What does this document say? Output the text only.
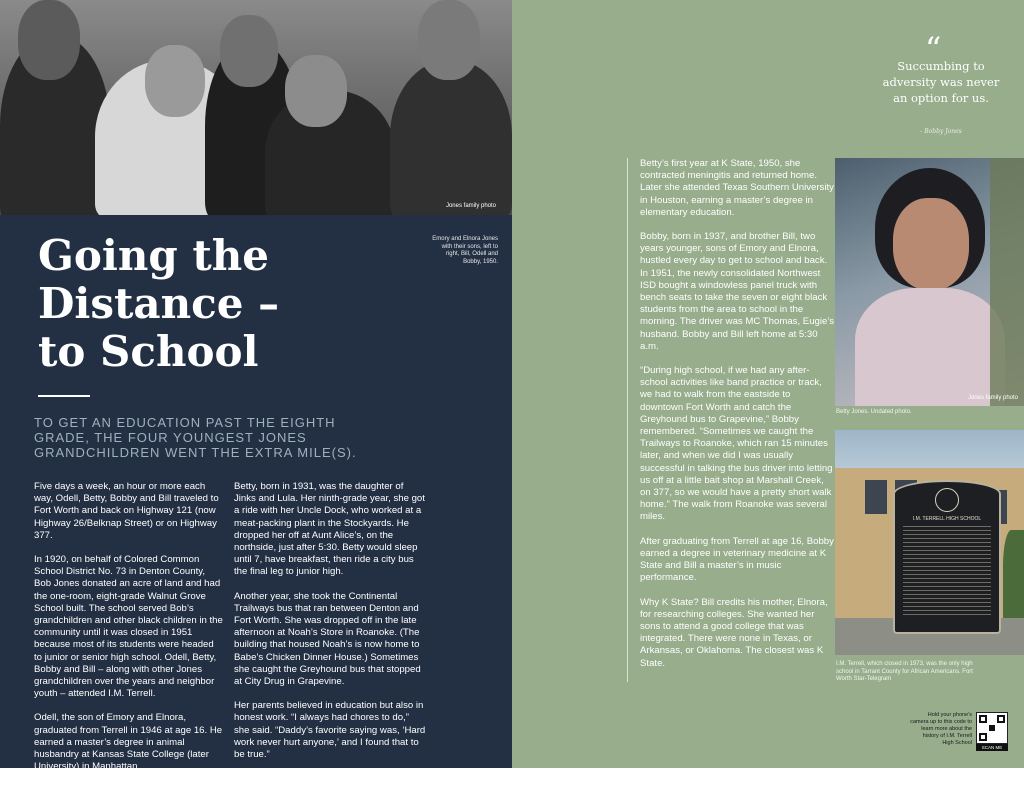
Jones family photo
Emory and Elnora Jones with their sons, left to right, Bill, Odell and Bobby, 1950.
Going the
Distance –
to School
TO GET AN EDUCATION PAST THE EIGHTH GRADE, THE FOUR YOUNGEST JONES GRANDCHILDREN WENT THE EXTRA MILE(S).

Five days a week, an hour or more each way, Odell, Betty, Bobby and Bill traveled to Fort Worth and back on Highway 121 (now Highway 26/Belknap Street) or on Highway 377.

In 1920, on behalf of Colored Common School District No. 73 in Denton County, Bob Jones donated an acre of land and had the one-room, eight-grade Walnut Grove School built. The school served Bob’s grandchildren and other black children in the community until it was closed in 1951 because most of its students were headed to junior or senior high school. Odell, Betty, Bobby and Bill – along with other Jones grandchildren over the years and neighbor youth – attended I.M. Terrell.

Odell, the son of Emory and Elnora, graduated from Terrell in 1946 at age 16. He earned a master’s degree in animal husbandry at Kansas State College (later University) in Manhattan.

Betty, born in 1931, was the daughter of Jinks and Lula. Her ninth-grade year, she got a ride with her Uncle Dock, who worked at a meat-packing plant in the Stockyards. He dropped her off at Aunt Alice’s, on the northside, just after 5:30. Betty would sleep until 7, have breakfast, then ride a city bus the final leg to junior high.

Another year, she took the Continental Trailways bus that ran between Denton and Fort Worth. She was dropped off in the late afternoon at Noah’s Store in Roanoke. (The building that housed Noah’s is now home to Babe’s Chicken Dinner House.) Sometimes she caught the Greyhound bus that stopped at City Drug in Grapevine.

Her parents believed in education but also in honest work. “I always had chores to do,” she said. “Daddy’s favorite saying was, ‘Hard work never hurt anyone,’ and I found that to be true.”

“
Succumbing to adversity was never an option for us.
- Bobby Jones

Betty’s first year at K State, 1950, she contracted meningitis and returned home. Later she attended Texas Southern University in Houston, earning a master’s degree in elementary education.

Bobby, born in 1937, and brother Bill, two years younger, sons of Emory and Elnora, hustled every day to get to school and back. In 1951, the newly consolidated Northwest ISD bought a windowless panel truck with bench seats to take the seven or eight black students from the area to school in the morning. The driver was MC Thomas, Eugie’s husband. Bobby and Bill left home at 5:30 a.m.

“During high school, if we had any after-school activities like band practice or track, we had to walk from the eastside to downtown Fort Worth and catch the Greyhound bus to Grapevine,” Bobby remembered. “Sometimes we caught the Trailways to Roanoke, which ran 15 minutes later, and when we did I was usually successful in talking the bus driver into letting us off at a little bait shop at Marshall Creek, on 377, so we would have a pretty short walk home.” The walk from Roanoke was several miles.

After graduating from Terrell at age 16, Bobby earned a degree in veterinary medicine at K State and Bill a master’s in music performance.

Why K State? Bill credits his mother, Elnora, for researching colleges. She wanted her sons to attend a good college that was integrated. There were none in Texas, or Arkansas, or Oklahoma. The closest was K State.

Jones family photo
Betty Jones. Undated photo.
I.M. TERRELL HIGH SCHOOL
I.M. Terrell, which closed in 1973, was the only high school in Tarrant County for African Americans. Fort Worth Star-Telegram
Hold your phone’s camera up to this code to learn more about the history of I.M. Terrell High School
SCAN ME
